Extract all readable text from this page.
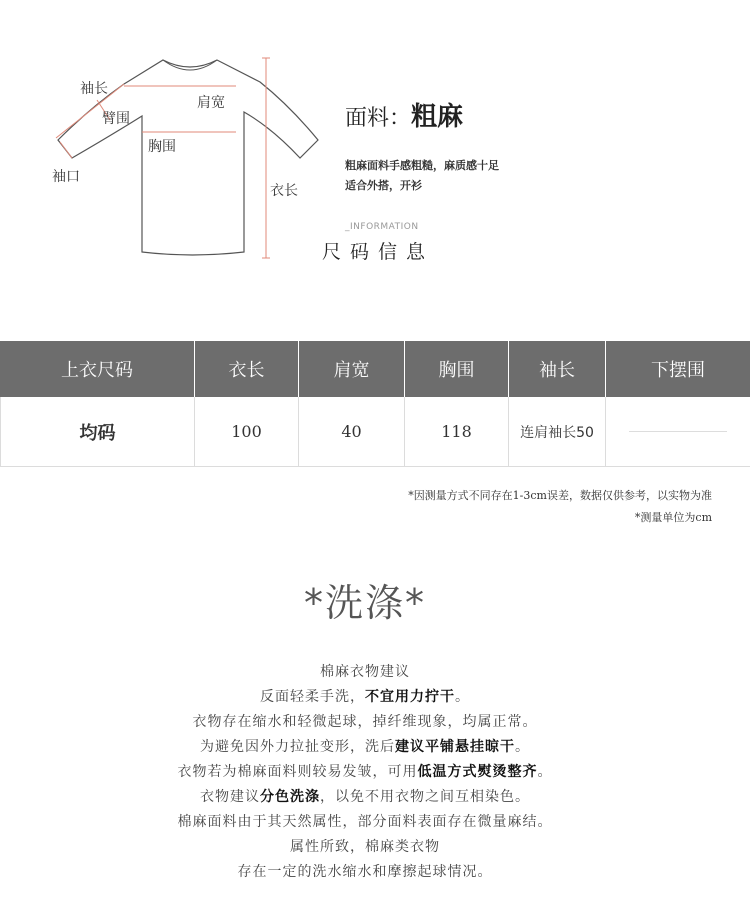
袖长
臂围
肩宽
胸围
袖口
衣长
面料：粗麻
粗麻面料手感粗糙，麻质感十足
适合外搭，开衫
_INFORMATION
尺码信息
上衣尺码	衣长	肩宽	胸围	袖长	下摆围
均码	100	40	118	连肩袖长50
*因测量方式不同存在1-3cm误差，数据仅供参考，以实物为准
*测量单位为cm
*洗涤*
棉麻衣物建议
反面轻柔手洗，不宜用力拧干。
衣物存在缩水和轻微起球，掉纤维现象，均属正常。
为避免因外力拉扯变形，洗后建议平铺悬挂晾干。
衣物若为棉麻面料则较易发皱，可用低温方式熨烫整齐。
衣物建议分色洗涤，以免不用衣物之间互相染色。
棉麻面料由于其天然属性，部分面料表面存在微量麻结。
属性所致，棉麻类衣物
存在一定的洗水缩水和摩擦起球情况。
